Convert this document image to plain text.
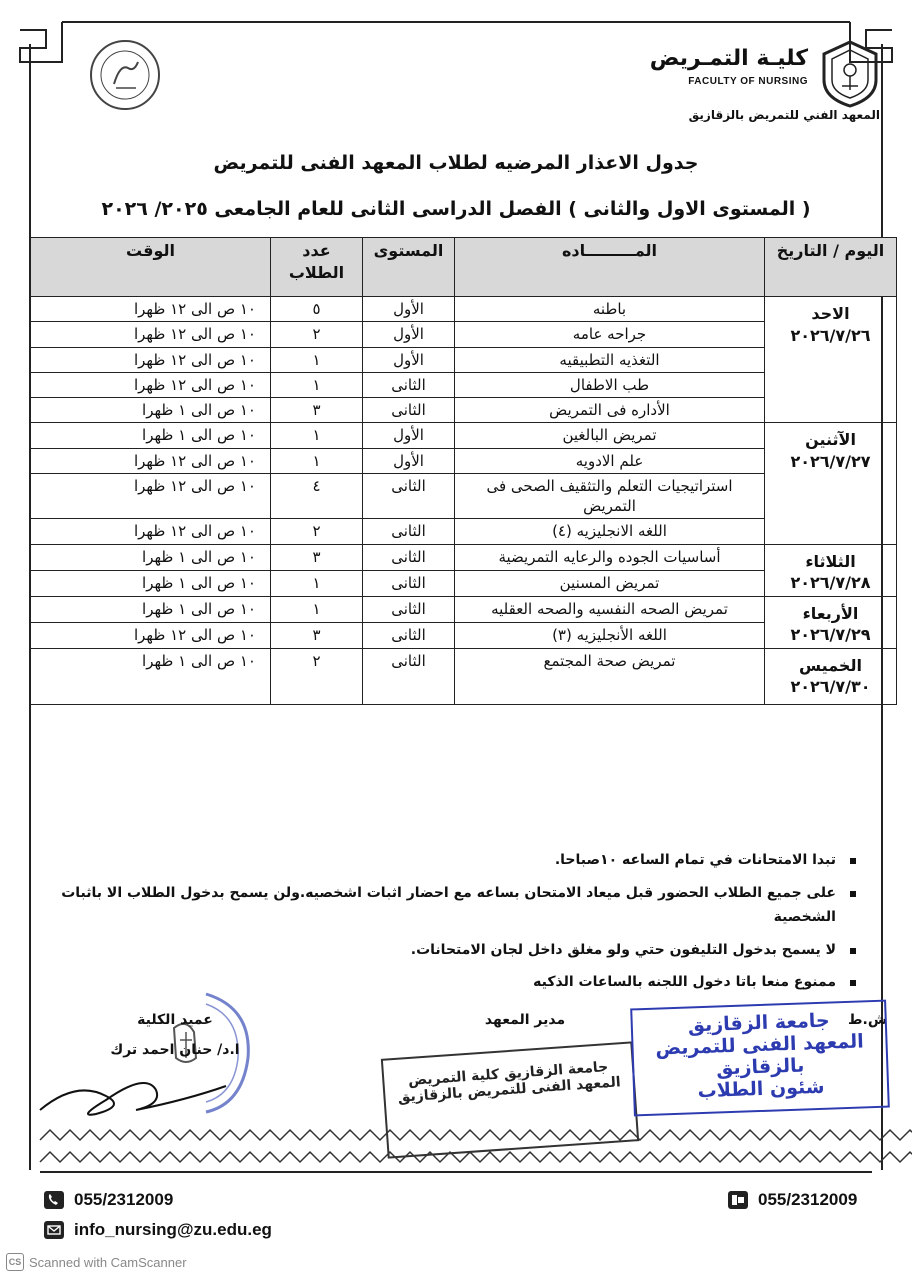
كليـة التمـريض
FACULTY OF NURSING
المعهد الفني للتمريض بالزقازيق
جدول الاعذار المرضيه لطلاب المعهد الفنى للتمريض
( المستوى الاول والثانى ) الفصل الدراسى الثانى للعام الجامعى ٢٠٢٥/ ٢٠٢٦
اليوم / التاريخ	المـــــــــاده	المستوى	عدد الطلاب	الوقت

الاحد
٢٠٢٦/٧/٢٦	باطنه	الأول	٥	١٠ ص الى ١٢ ظهرا
	جراحه عامه	الأول	٢	١٠ ص الى ١٢ ظهرا
	التغذيه التطبيقيه	الأول	١	١٠ ص الى ١٢ ظهرا
	طب الاطفال	الثانى	١	١٠ ص الى ١٢ ظهرا
	الأداره فى التمريض	الثانى	٣	١٠ ص الى ١ ظهرا

الآثنين
٢٠٢٦/٧/٢٧	تمريض البالغين	الأول	١	١٠ ص الى ١ ظهرا
	علم الادويه	الأول	١	١٠ ص الى ١٢ ظهرا
	استراتيجيات التعلم والتثقيف الصحى فى التمريض	الثانى	٤	١٠ ص الى ١٢ ظهرا
	اللغه الانجليزيه (٤)	الثانى	٢	١٠ ص الى ١٢ ظهرا

الثلاثاء
٢٠٢٦/٧/٢٨	أساسيات الجوده والرعايه التمريضية	الثانى	٣	١٠ ص الى ١ ظهرا
	تمريض المسنين	الثانى	١	١٠ ص الى ١ ظهرا

الأربعاء
٢٠٢٦/٧/٢٩	تمريض الصحه النفسيه والصحه العقليه	الثانى	١	١٠ ص الى ١ ظهرا
	اللغه الأنجليزيه (٣)	الثانى	٣	١٠ ص الى ١٢ ظهرا

الخميس
٢٠٢٦/٧/٣٠	تمريض صحة المجتمع	الثانى	٢	١٠ ص الى ١ ظهرا
تبدا الامتحانات في تمام الساعه ١٠صباحا.
على جميع الطلاب الحضور قبل ميعاد الامتحان بساعه مع احضار اثبات اشخصيه.ولن يسمح بدخول الطلاب الا باثبات الشخصية
لا يسمح بدخول التليفون حتي ولو مغلق داخل لجان الامتحانات.
ممنوع منعا باتا دخول اللجنه بالساعات الذكيه
عميد الكلية
ا.د/ حنان احمد ترك
مدير المعهد
جامعة الزقازيق كلية التمريض المعهد الفنى للتمريض بالزقازيق
ش.ط
جامعة الزقازيق
المعهد الفنى للتمريض بالزقازيق
شئون الطلاب
055/2312009
info_nursing@zu.edu.eg
055/2312009
CS Scanned with CamScanner
